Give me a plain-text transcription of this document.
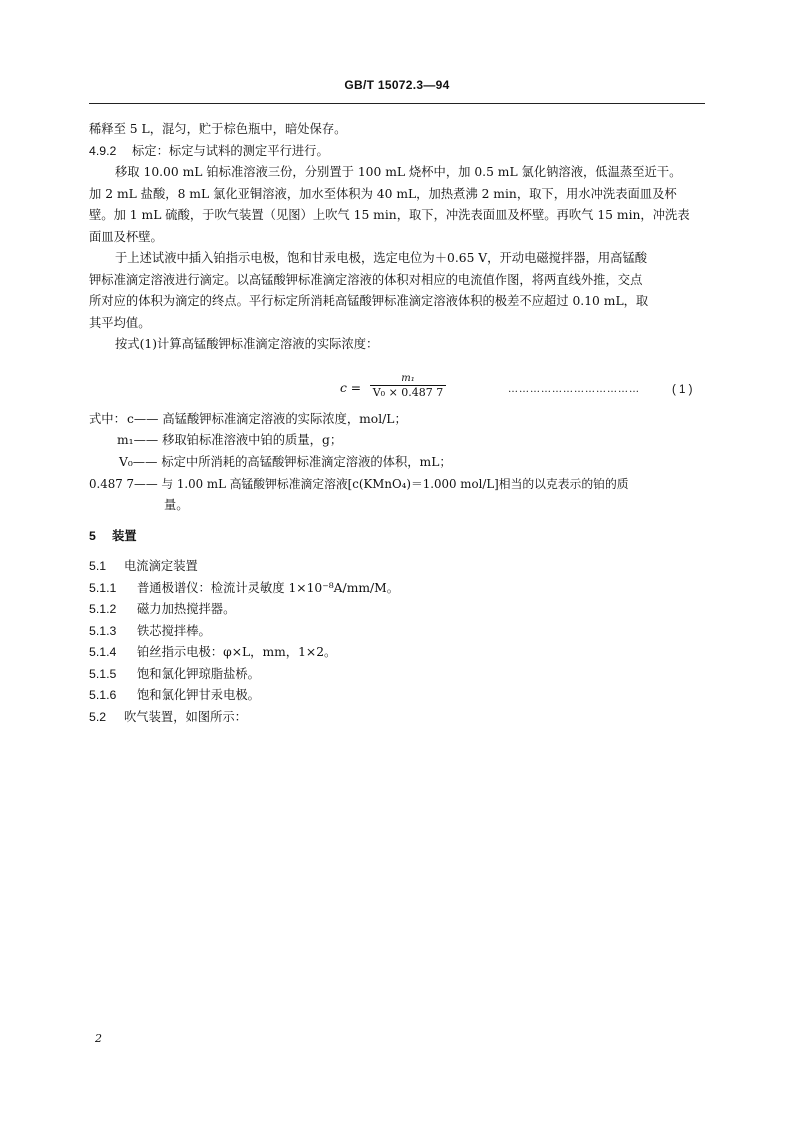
GB/T 15072.3—94
稀释至 5 L，混匀，贮于棕色瓶中，暗处保存。
4.9.2 标定：标定与试料的测定平行进行。
移取 10.00 mL 铂标准溶液三份，分别置于 100 mL 烧杯中，加 0.5 mL 氯化钠溶液，低温蒸至近干。
加 2 mL 盐酸，8 mL 氯化亚铜溶液，加水至体积为 40 mL，加热煮沸 2 min，取下，用水冲洗表面皿及杯
壁。加 1 mL 硫酸，于吹气装置（见图）上吹气 15 min，取下，冲洗表面皿及杯壁。再吹气 15 min，冲洗表
面皿及杯壁。
于上述试液中插入铂指示电极，饱和甘汞电极，选定电位为＋0.65 V，开动电磁搅拌器，用高锰酸
钾标准滴定溶液进行滴定。以高锰酸钾标准滴定溶液的体积对相应的电流值作图，将两直线外推，交点
所对应的体积为滴定的终点。平行标定所消耗高锰酸钾标准滴定溶液体积的极差不应超过 0.10 mL，取
其平均值。
按式(1)计算高锰酸钾标准滴定溶液的实际浓度：
c =
m₁
V₀ × 0.487 7	………………………………	( 1 )
式中： c—— 高锰酸钾标准滴定溶液的实际浓度，mol/L；
m₁—— 移取铂标准溶液中铂的质量，g；
V₀—— 标定中所消耗的高锰酸钾标准滴定溶液的体积，mL；
0.487 7—— 与 1.00 mL 高锰酸钾标准滴定溶液[c(KMnO₄)＝1.000 mol/L]相当的以克表示的铂的质
量。
5 装置
5.1 电流滴定装置
5.1.1 普通极谱仪：检流计灵敏度 1×10⁻⁸A/mm/M。
5.1.2 磁力加热搅拌器。
5.1.3 铁芯搅拌棒。
5.1.4 铂丝指示电极：φ×L，mm，1×2。
5.1.5 饱和氯化钾琼脂盐桥。
5.1.6 饱和氯化钾甘汞电极。
5.2 吹气装置，如图所示：
2
